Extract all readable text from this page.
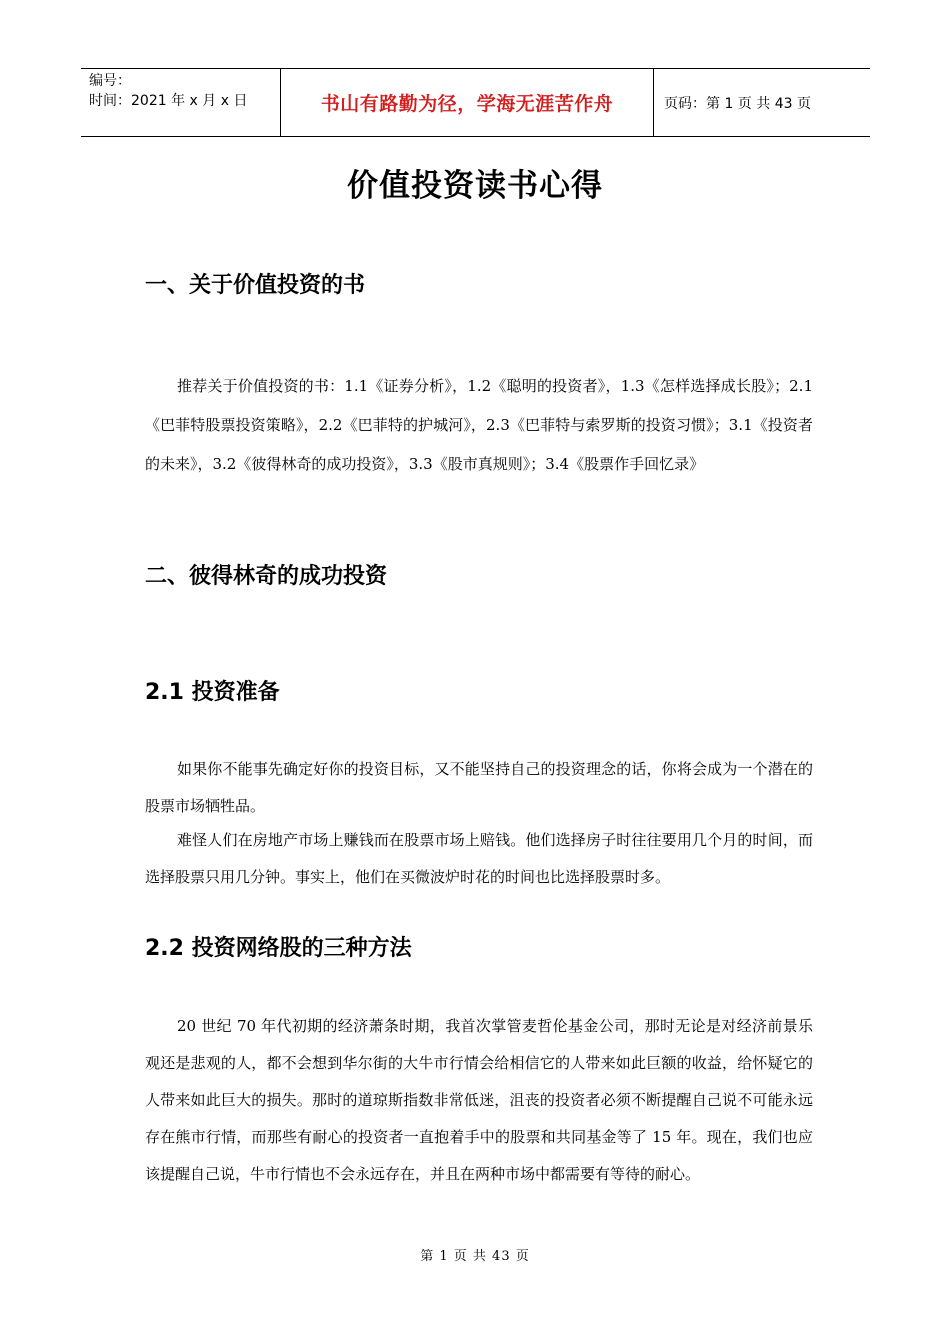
编号：
时间：2021 年 x 月 x 日	书山有路勤为径，学海无涯苦作舟	页码：第 1 页 共 43 页
价值投资读书心得
一、关于价值投资的书
推荐关于价值投资的书：1.1《证券分析》，1.2《聪明的投资者》，1.3《怎样选择成长股》；2.1《巴菲特股票投资策略》，2.2《巴菲特的护城河》，2.3《巴菲特与索罗斯的投资习惯》；3.1《投资者的未来》，3.2《彼得林奇的成功投资》，3.3《股市真规则》；3.4《股票作手回忆录》
二、彼得林奇的成功投资
2.1 投资准备
如果你不能事先确定好你的投资目标，又不能坚持自己的投资理念的话，你将会成为一个潜在的股票市场牺牲品。
难怪人们在房地产市场上赚钱而在股票市场上赔钱。他们选择房子时往往要用几个月的时间，而选择股票只用几分钟。事实上，他们在买微波炉时花的时间也比选择股票时多。
2.2 投资网络股的三种方法
20 世纪 70 年代初期的经济萧条时期，我首次掌管麦哲伦基金公司，那时无论是对经济前景乐观还是悲观的人，都不会想到华尔街的大牛市行情会给相信它的人带来如此巨额的收益，给怀疑它的人带来如此巨大的损失。那时的道琼斯指数非常低迷，沮丧的投资者必须不断提醒自己说不可能永远存在熊市行情，而那些有耐心的投资者一直抱着手中的股票和共同基金等了 15 年。现在，我们也应该提醒自己说，牛市行情也不会永远存在，并且在两种市场中都需要有等待的耐心。
第 1 页 共 43 页
